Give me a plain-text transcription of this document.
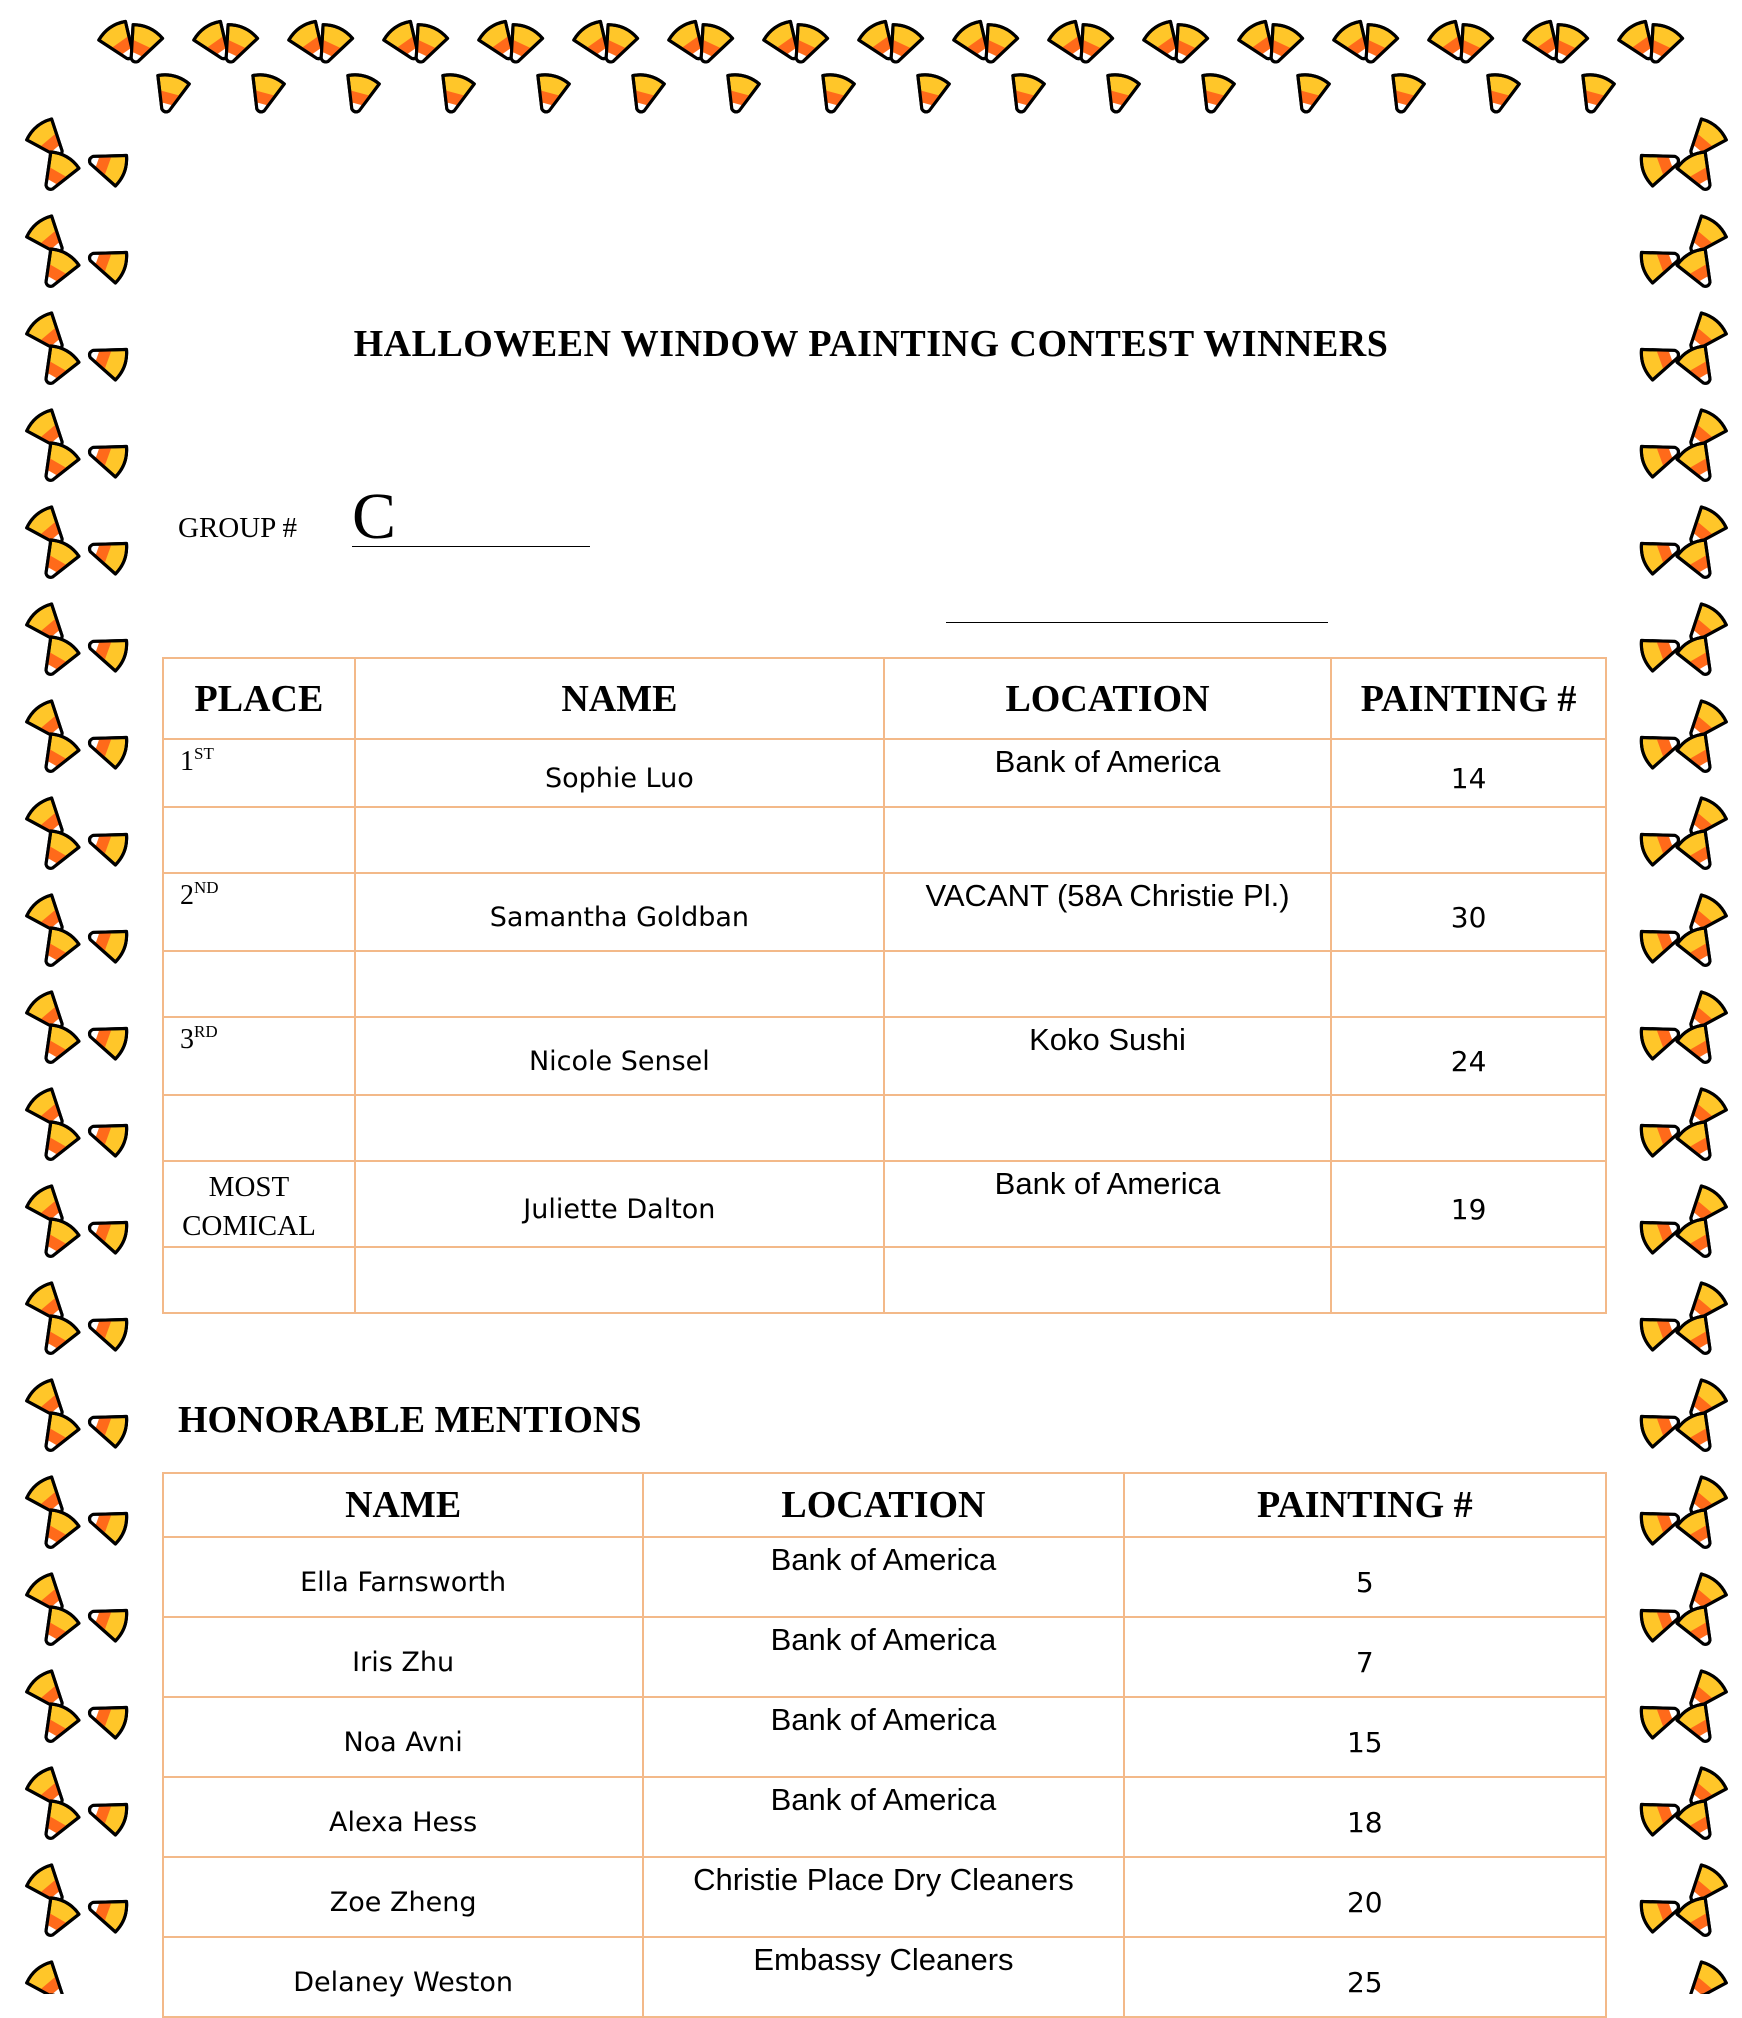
HALLOWEEN WINDOW PAINTING CONTEST WINNERS
GROUP # C
PLACE	NAME	LOCATION	PAINTING #
1ST	Sophie Luo	Bank of America	14

2ND	Samantha Goldban	VACANT (58A Christie Pl.)	30

3RD	Nicole Sensel	Koko Sushi	24

MOST
COMICAL	Juliette Dalton	Bank of America	19

HONORABLE MENTIONS
NAME	LOCATION	PAINTING #
Ella Farnsworth	Bank of America	5
Iris Zhu	Bank of America	7
Noa Avni	Bank of America	15
Alexa Hess	Bank of America	18
Zoe Zheng	Christie Place Dry Cleaners	20
Delaney Weston	Embassy Cleaners	25
